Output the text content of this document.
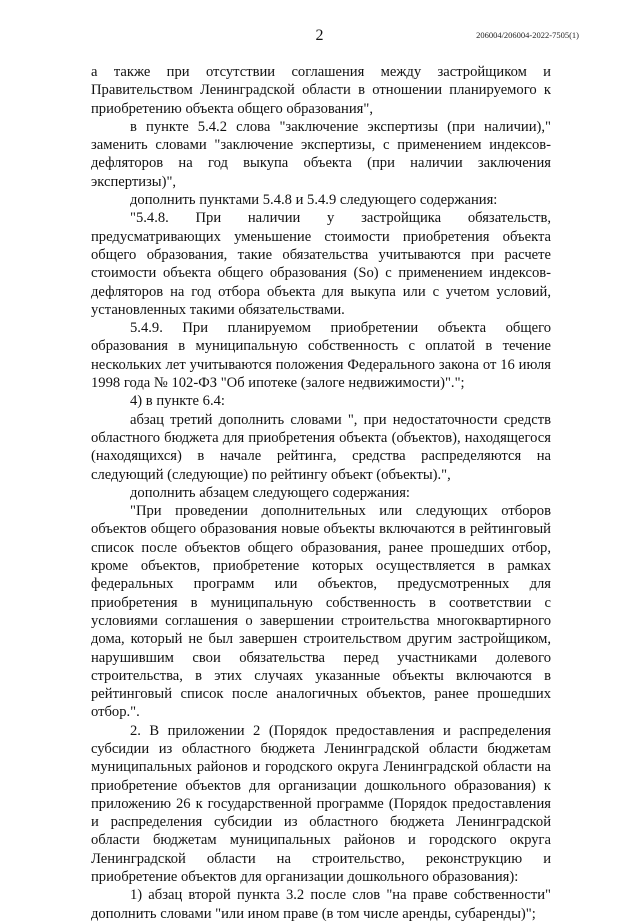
2	206004/206004-2022-7505(1)

а также при отсутствии соглашения между застройщиком и Правительством Ленинградской области в отношении планируемого к приобретению объекта общего образования",

в пункте 5.4.2 слова "заключение экспертизы (при наличии)," заменить словами "заключение экспертизы, с применением индексов-дефляторов на год выкупа объекта (при наличии заключения экспертизы)",

дополнить пунктами 5.4.8 и 5.4.9 следующего содержания:

"5.4.8. При наличии у застройщика обязательств, предусматривающих уменьшение стоимости приобретения объекта общего образования, такие обязательства учитываются при расчете стоимости объекта общего образования (So) с применением индексов-дефляторов на год отбора объекта для выкупа или с учетом условий, установленных такими обязательствами.

5.4.9. При планируемом приобретении объекта общего образования в муниципальную собственность с оплатой в течение нескольких лет учитываются положения Федерального закона от 16 июля 1998 года № 102-ФЗ "Об ипотеке (залоге недвижимости)".";

4) в пункте 6.4:

абзац третий дополнить словами ", при недостаточности средств областного бюджета для приобретения объекта (объектов), находящегося (находящихся) в начале рейтинга, средства распределяются на следующий (следующие) по рейтингу объект (объекты).",

дополнить абзацем следующего содержания:

"При проведении дополнительных или следующих отборов объектов общего образования новые объекты включаются в рейтинговый список после объектов общего образования, ранее прошедших отбор, кроме объектов, приобретение которых осуществляется в рамках федеральных программ или объектов, предусмотренных для приобретения в муниципальную собственность в соответствии с условиями соглашения о завершении строительства многоквартирного дома, который не был завершен строительством другим застройщиком, нарушившим свои обязательства перед участниками долевого строительства, в этих случаях указанные объекты включаются в рейтинговый список после аналогичных объектов, ранее прошедших отбор.".

2. В приложении 2 (Порядок предоставления и распределения субсидии из областного бюджета Ленинградской области бюджетам муниципальных районов и городского округа Ленинградской области на приобретение объектов для организации дошкольного образования) к приложению 26 к государственной программе (Порядок предоставления и распределения субсидии из областного бюджета Ленинградской области бюджетам муниципальных районов и городского округа Ленинградской области на строительство, реконструкцию и приобретение объектов для организации дошкольного образования):

1) абзац второй пункта 3.2 после слов "на праве собственности" дополнить словами "или ином праве (в том числе аренды, субаренды)";
